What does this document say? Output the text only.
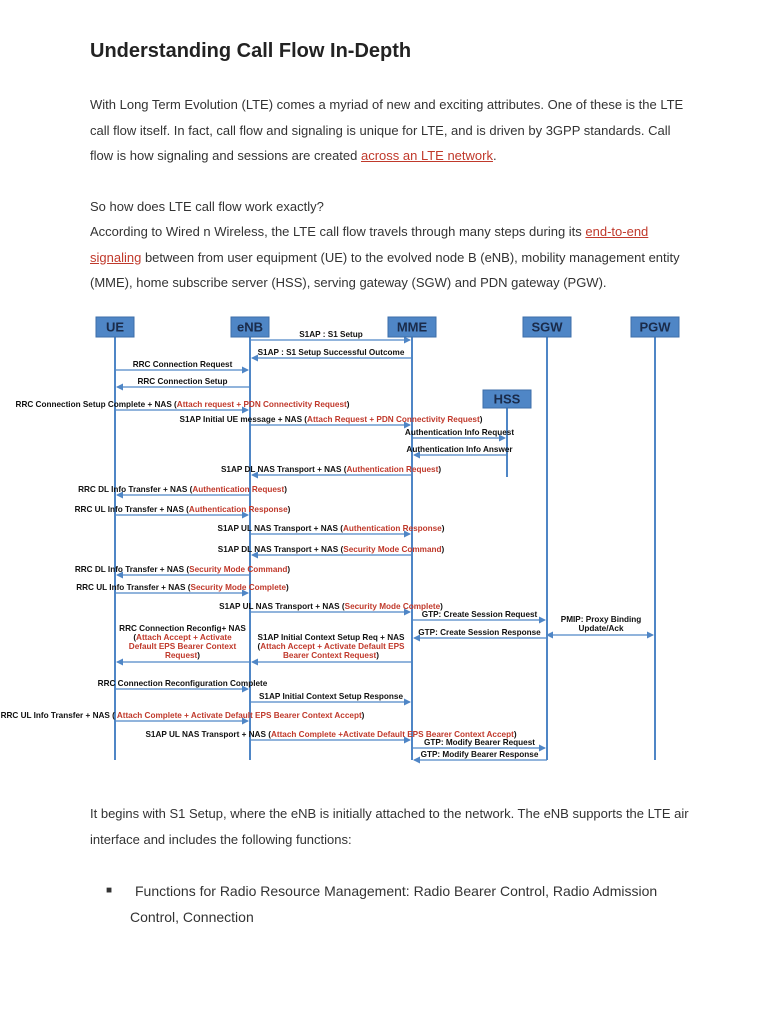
Understanding Call Flow In-Depth

With Long Term Evolution (LTE) comes a myriad of new and exciting attributes. One of these is the LTE call flow itself. In fact, call flow and signaling is unique for LTE, and is driven by 3GPP standards. Call flow is how signaling and sessions are created across an LTE network.

So how does LTE call flow work exactly?

According to Wired n Wireless, the LTE call flow travels through many steps during its end-to-end signaling between from user equipment (UE) to the evolved node B (eNB), mobility management entity (MME), home subscribe server (HSS), serving gateway (SGW) and PDN gateway (PGW).

S1AP : S1 Setup
S1AP : S1 Setup Successful Outcome
RRC Connection Request
RRC Connection Setup
RRC Connection Setup Complete + NAS (Attach request + PDN Connectivity Request)
S1AP Initial UE message + NAS (Attach Request + PDN Connectivity Request)
Authentication Info Request
Authentication Info Answer
S1AP DL NAS Transport + NAS (Authentication Request)
RRC DL Info Transfer + NAS (Authentication Request)
RRC UL Info Transfer + NAS (Authentication Response)
S1AP UL NAS Transport + NAS (Authentication Response)
S1AP DL NAS Transport + NAS (Security Mode Command)
RRC DL Info Transfer + NAS (Security Mode Command)
RRC UL Info Transfer + NAS (Security Mode Complete)
S1AP UL NAS Transport + NAS (Security Mode Complete)
GTP: Create Session Request
PMIP: Proxy Binding
Update/Ack
GTP: Create Session Response
S1AP Initial Context Setup Req + NAS
(Attach Accept + Activate Default EPS
Bearer Context Request)
RRC Connection Reconfig+ NAS
(Attach Accept + Activate
Default EPS Bearer Context
Request)
RRC Connection Reconfiguration Complete
S1AP Initial Context Setup Response
RRC UL Info Transfer + NAS ( Attach Complete + Activate Default EPS Bearer Context Accept)
S1AP UL NAS Transport + NAS (Attach Complete +Activate Default EPS Bearer Context Accept)
GTP: Modify Bearer Request
GTP: Modify Bearer Response
UE	eNB	MME
HSS
SGW	PGW

It begins with S1 Setup, where the eNB is initially attached to the network. The eNB supports the LTE air interface and includes the following functions:

■	Functions for Radio Resource Management: Radio Bearer Control, Radio Admission Control, Connection
